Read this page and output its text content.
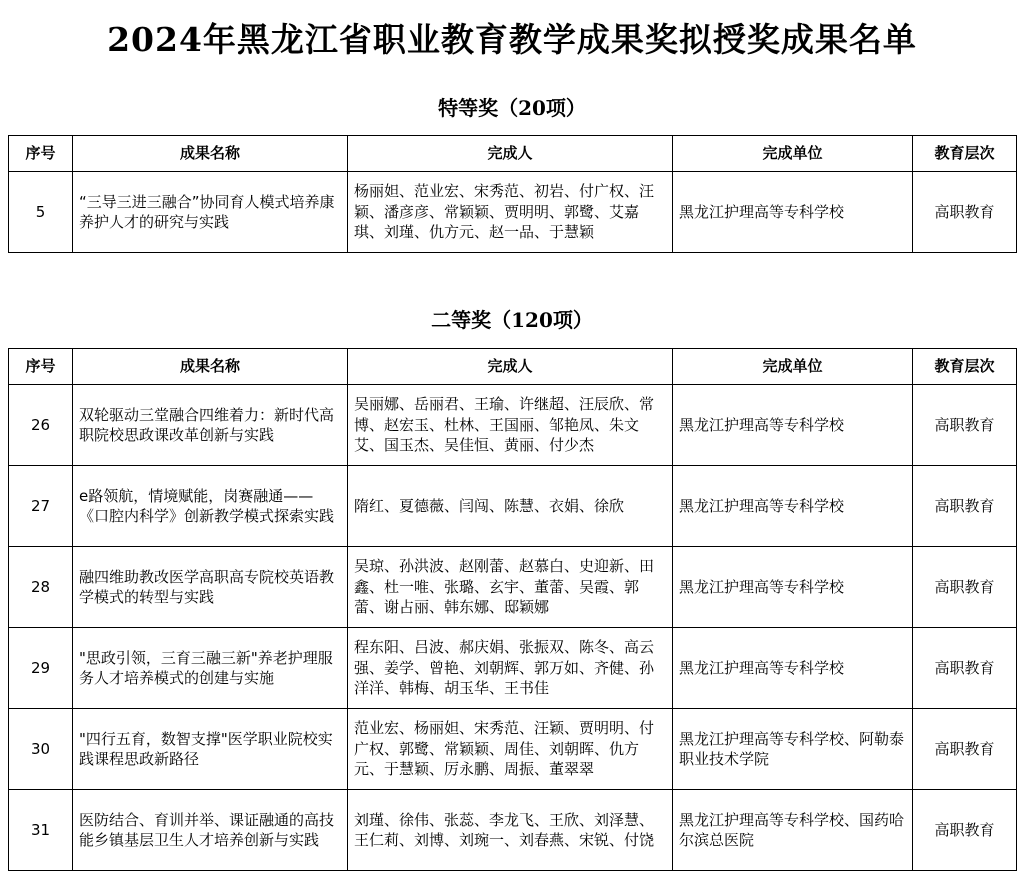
2024年黑龙江省职业教育教学成果奖拟授奖成果名单
特等奖（20项）
序号	成果名称	完成人	完成单位	教育层次
5	“三导三进三融合”协同育人模式培养康养护人才的研究与实践	杨丽妲、范业宏、宋秀范、初岩、付广权、汪颖、潘彦彦、常颖颖、贾明明、郭鹭、艾嘉琪、刘瑾、仇方元、赵一品、于慧颖	黑龙江护理高等专科学校	高职教育
二等奖（120项）
序号	成果名称	完成人	完成单位	教育层次
26	双轮驱动三堂融合四维着力：新时代高职院校思政课改革创新与实践	吴丽娜、岳丽君、王瑜、许继超、汪辰欣、常博、赵宏玉、杜林、王国丽、邹艳凤、朱文艾、国玉杰、吴佳恒、黄丽、付少杰	黑龙江护理高等专科学校	高职教育
27	e路领航，情境赋能，岗赛融通——《口腔内科学》创新教学模式探索实践	隋红、夏德薇、闫闯、陈慧、衣娟、徐欣	黑龙江护理高等专科学校	高职教育
28	融四维助教改医学高职高专院校英语教学模式的转型与实践	吴琼、孙洪波、赵刚蕾、赵慕白、史迎新、田鑫、杜一唯、张璐、玄宇、董蕾、吴霞、郭蕾、谢占丽、韩东娜、邸颖娜	黑龙江护理高等专科学校	高职教育
29	"思政引领，三育三融三新"养老护理服务人才培养模式的创建与实施	程东阳、吕波、郝庆娟、张振双、陈冬、高云强、姜学、曾艳、刘朝辉、郭万如、齐健、孙洋洋、韩梅、胡玉华、王书佳	黑龙江护理高等专科学校	高职教育
30	"四行五育，数智支撑"医学职业院校实践课程思政新路径	范业宏、杨丽妲、宋秀范、汪颖、贾明明、付广权、郭鹭、常颖颖、周佳、刘朝晖、仇方元、于慧颖、厉永鹏、周振、董翠翠	黑龙江护理高等专科学校、阿勒泰职业技术学院	高职教育
31	医防结合、育训并举、课证融通的高技能乡镇基层卫生人才培养创新与实践	刘瑾、徐伟、张蕊、李龙飞、王欣、刘泽慧、王仁莉、刘博、刘琬一、刘春燕、宋锐、付饶	黑龙江护理高等专科学校、国药哈尔滨总医院	高职教育
